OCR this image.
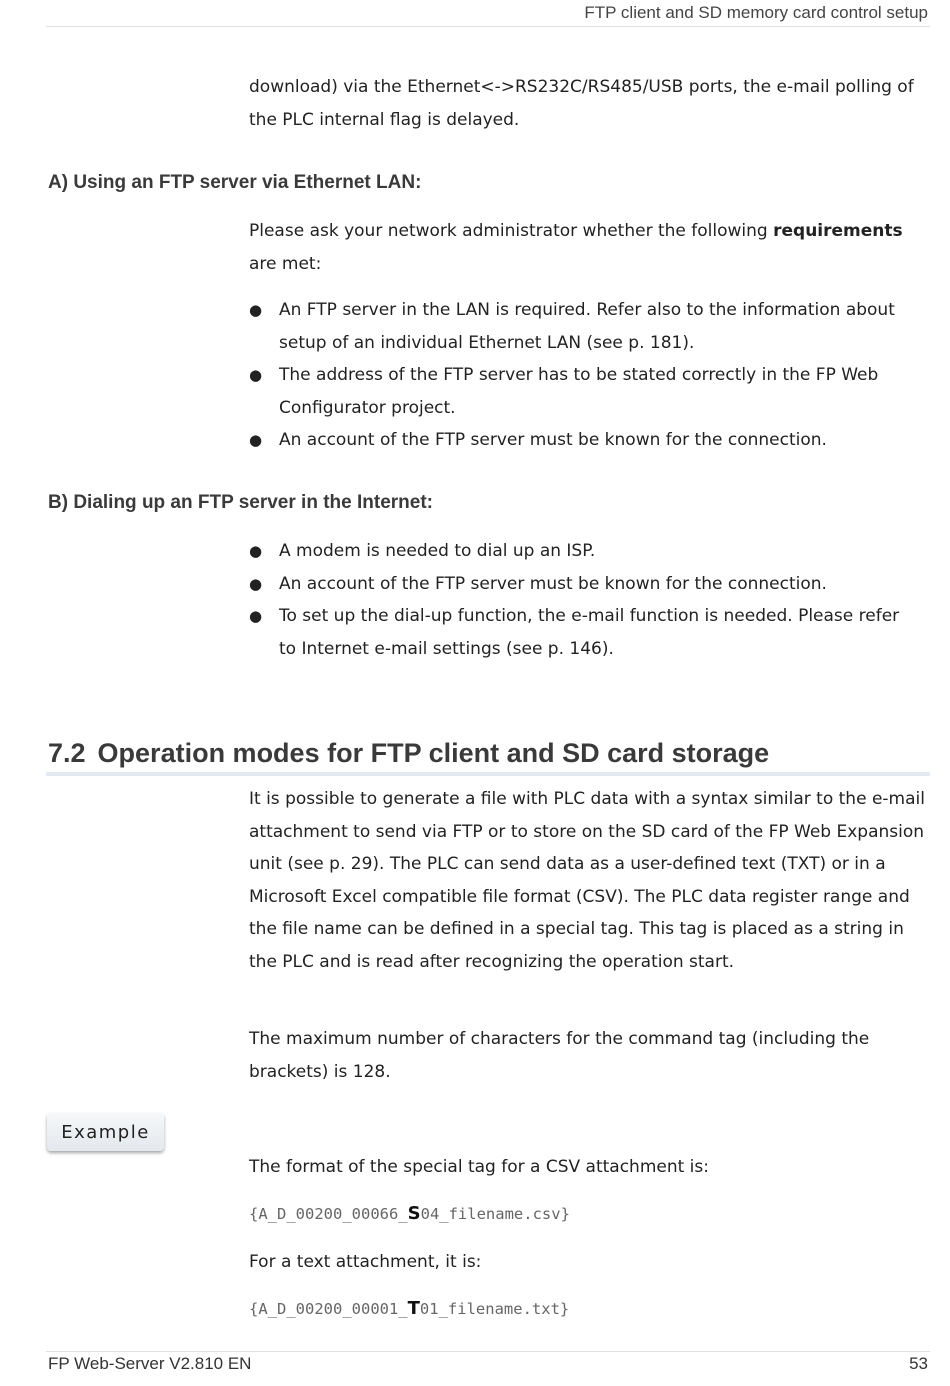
FTP client and SD memory card control setup
download) via the Ethernet<->RS232C/RS485/USB ports, the e-mail polling of the PLC internal flag is delayed.
A) Using an FTP server via Ethernet LAN:
Please ask your network administrator whether the following requirements are met:
● An FTP server in the LAN is required. Refer also to the information about setup of an individual Ethernet LAN (see p. 181).
● The address of the FTP server has to be stated correctly in the FP Web Configurator project.
● An account of the FTP server must be known for the connection.
B) Dialing up an FTP server in the Internet:
● A modem is needed to dial up an ISP.
● An account of the FTP server must be known for the connection.
● To set up the dial-up function, the e-mail function is needed. Please refer to Internet e-mail settings (see p. 146).
7.2 Operation modes for FTP client and SD card storage
It is possible to generate a file with PLC data with a syntax similar to the e-mail attachment to send via FTP or to store on the SD card of the FP Web Expansion unit (see p. 29). The PLC can send data as a user-defined text (TXT) or in a Microsoft Excel compatible file format (CSV). The PLC data register range and the file name can be defined in a special tag. This tag is placed as a string in the PLC and is read after recognizing the operation start.
The maximum number of characters for the command tag (including the brackets) is 128.
Example
The format of the special tag for a CSV attachment is:
{A_D_00200_00066_S04_filename.csv}
For a text attachment, it is:
{A_D_00200_00001_T01_filename.txt}
FP Web-Server V2.810 EN	53
